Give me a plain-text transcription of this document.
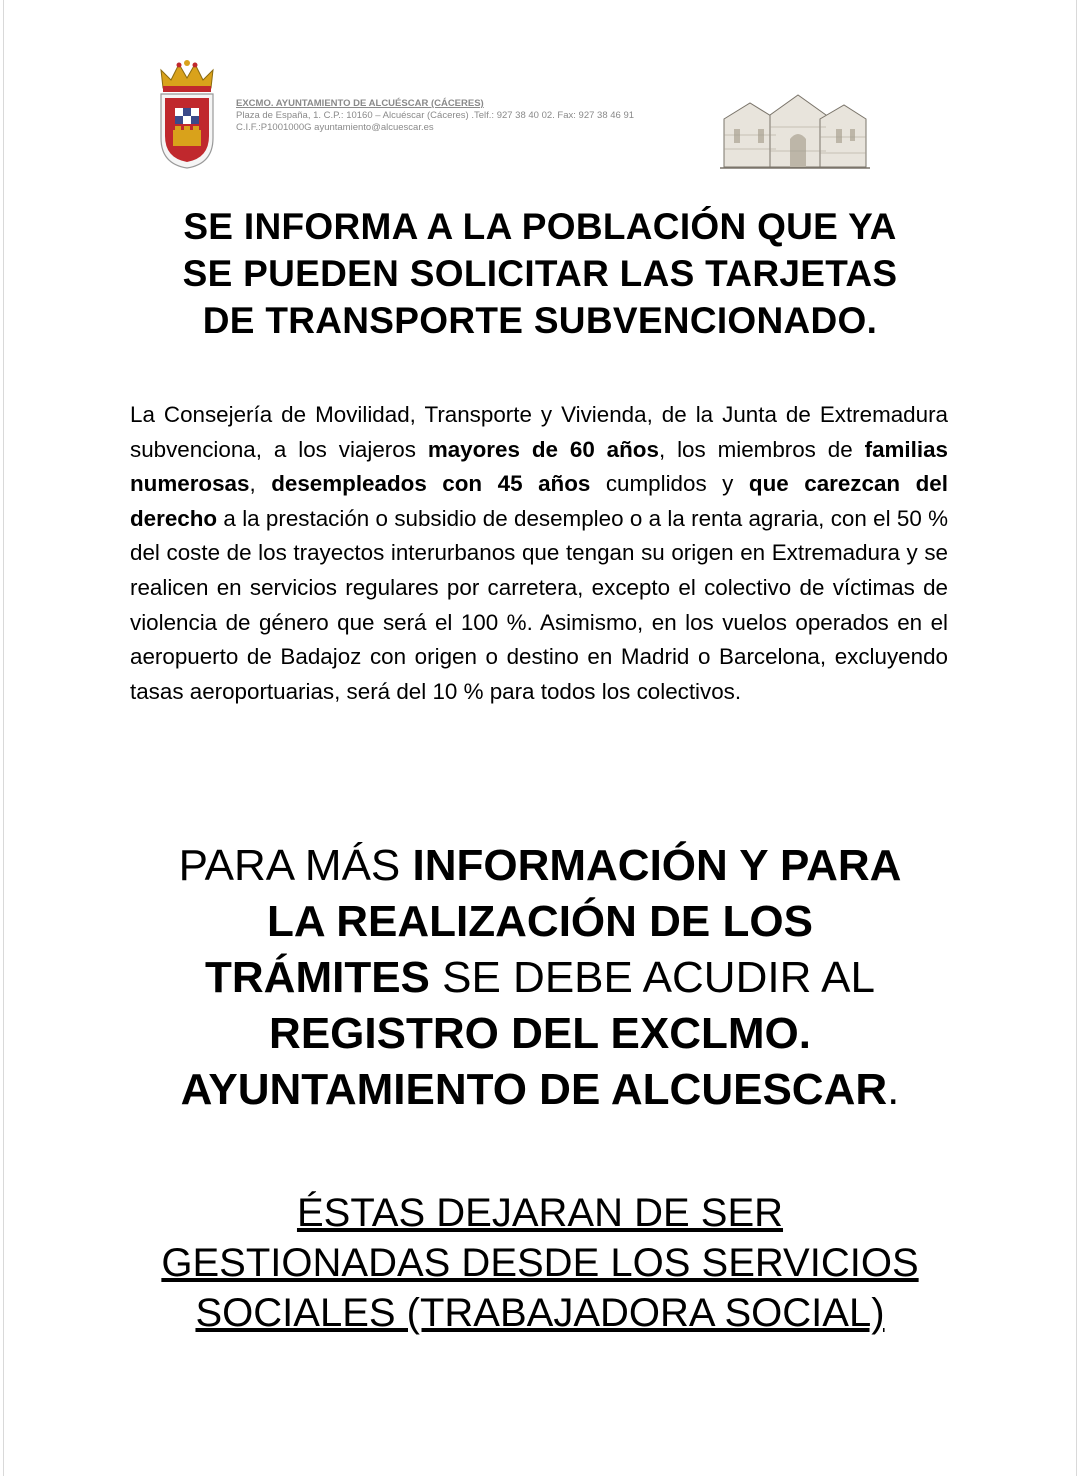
EXCMO. AYUNTAMIENTO DE ALCUÉSCAR (CÁCERES)
Plaza de España, 1. C.P.: 10160 – Alcuéscar (Cáceres) .Telf.: 927 38 40 02. Fax: 927 38 46 91
C.I.F.:P1001000G ayuntamiento@alcuescar.es
SE INFORMA A LA POBLACIÓN QUE YA
SE PUEDEN SOLICITAR LAS TARJETAS
DE TRANSPORTE SUBVENCIONADO.
La Consejería de Movilidad, Transporte y Vivienda, de la Junta de Extremadura subvenciona, a los viajeros mayores de 60 años, los miembros de familias numerosas, desempleados con 45 años cumplidos y que carezcan del derecho a la prestación o subsidio de desempleo o a la renta agraria, con el 50 % del coste de los trayectos interurbanos que tengan su origen en Extremadura y se realicen en servicios regulares por carretera, excepto el colectivo de víctimas de violencia de género que será el 100 %. Asimismo, en los vuelos operados en el aeropuerto de Badajoz con origen o destino en Madrid o Barcelona, excluyendo tasas aeroportuarias, será del 10 % para todos los colectivos.
PARA MÁS INFORMACIÓN Y PARA
LA REALIZACIÓN DE LOS
TRÁMITES SE DEBE ACUDIR AL
REGISTRO DEL EXCLMO.
AYUNTAMIENTO DE ALCUESCAR.
ÉSTAS DEJARAN DE SER
GESTIONADAS DESDE LOS SERVICIOS
SOCIALES (TRABAJADORA SOCIAL)
